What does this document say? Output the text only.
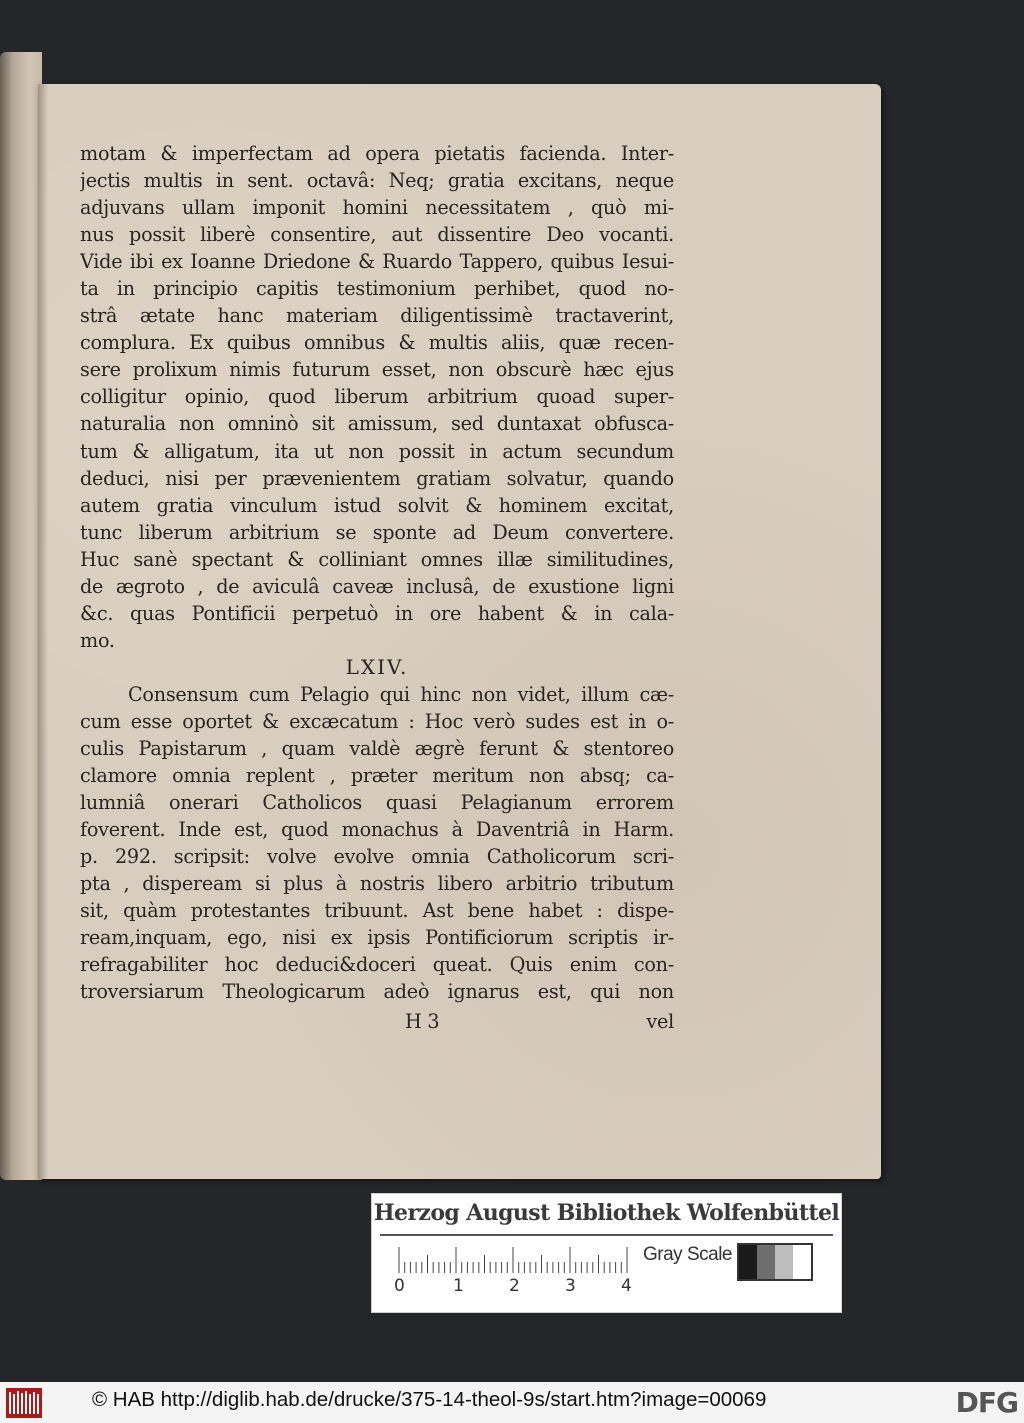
motam & imperfectam ad opera pietatis facienda. Inter-
jectis multis in sent. octavâ: Neq; gratia excitans, neque
adjuvans ullam imponit homini necessitatem , quò mi-
nus possit liberè consentire, aut dissentire Deo vocanti.
Vide ibi ex Ioanne Driedone & Ruardo Tappero, quibus Iesui-
ta in principio capitis testimonium perhibet, quod no-
strâ ætate hanc materiam diligentissimè tractaverint,
complura. Ex quibus omnibus & multis aliis, quæ recen-
sere prolixum nimis futurum esset, non obscurè hæc ejus
colligitur opinio, quod liberum arbitrium quoad super-
naturalia non omninò sit amissum, sed duntaxat obfusca-
tum & alligatum, ita ut non possit in actum secundum
deduci, nisi per prævenientem gratiam solvatur, quando
autem gratia vinculum istud solvit & hominem excitat,
tunc liberum arbitrium se sponte ad Deum convertere.
Huc sanè spectant & colliniant omnes illæ similitudines,
de ægroto , de aviculâ caveæ inclusâ, de exustione ligni
&c. quas Pontificii perpetuò in ore habent & in cala-
mo.
LXIV.
Consensum cum Pelagio qui hinc non videt, illum cæ-
cum esse oportet & excæcatum : Hoc verò sudes est in o-
culis Papistarum , quam valdè ægrè ferunt & stentoreo
clamore omnia replent , præter meritum non absq; ca-
lumniâ onerari Catholicos quasi Pelagianum errorem
foverent. Inde est, quod monachus à Daventriâ in Harm.
p. 292. scripsit: volve evolve omnia Catholicorum scri-
pta , dispeream si plus à nostris libero arbitrio tributum
sit, quàm protestantes tribuunt. Ast bene habet : dispe-
ream,inquam, ego, nisi ex ipsis Pontificiorum scriptis ir-
refragabiliter hoc deduci&doceri queat. Quis enim con-
troversiarum Theologicarum adeò ignarus est, qui non
H 3	vel
Herzog August Bibliothek Wolfenbüttel
0	1	2	3	4
Gray Scale
© HAB http://diglib.hab.de/drucke/375-14-theol-9s/start.htm?image=00069	DFG
